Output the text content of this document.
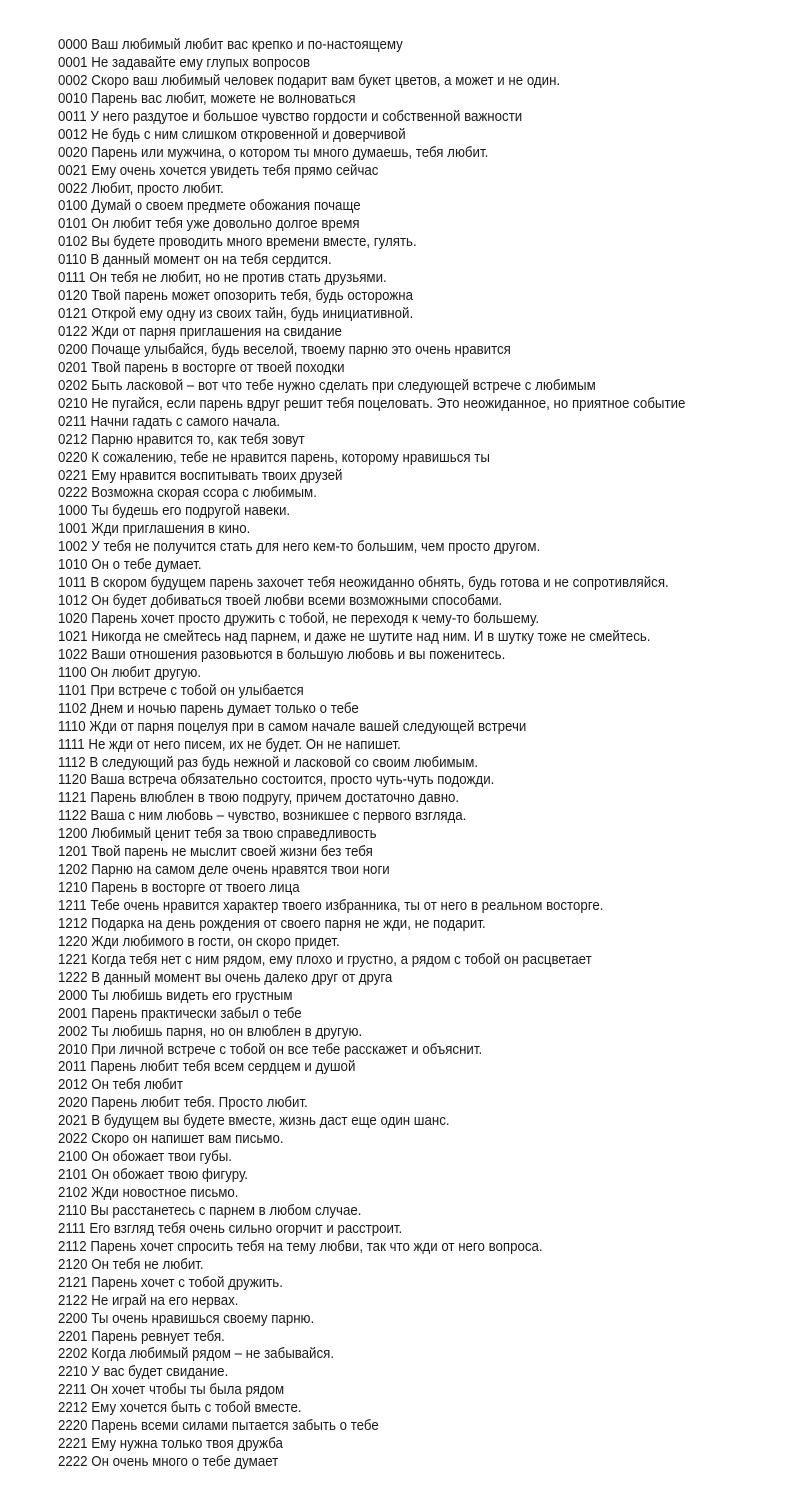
0000 Ваш любимый любит вас крепко и по-настоящему
0001 Не задавайте ему глупых вопросов
0002 Скоро ваш любимый человек подарит вам букет цветов, а может и не один.
0010 Парень вас любит, можете не волноваться
0011 У него раздутое и большое чувство гордости и собственной важности
0012 Не будь с ним слишком откровенной и доверчивой
0020 Парень или мужчина, о котором ты много думаешь, тебя любит.
0021 Ему очень хочется увидеть тебя прямо сейчас
0022 Любит, просто любит.
0100 Думай о своем предмете обожания почаще
0101 Он любит тебя уже довольно долгое время
0102 Вы будете проводить много времени вместе, гулять.
0110 В данный момент он на тебя сердится.
0111 Он тебя не любит, но не против стать друзьями.
0120 Твой парень может опозорить тебя, будь осторожна
0121 Открой ему одну из своих тайн, будь инициативной.
0122 Жди от парня приглашения на свидание
0200 Почаще улыбайся, будь веселой, твоему парню это очень нравится
0201 Твой парень в восторге от твоей походки
0202 Быть ласковой – вот что тебе нужно сделать при следующей встрече с любимым
0210 Не пугайся, если парень вдруг решит тебя поцеловать. Это неожиданное, но приятное событие
0211 Начни гадать с самого начала.
0212 Парню нравится то, как тебя зовут
0220 К сожалению, тебе не нравится парень, которому нравишься ты
0221 Ему нравится воспитывать твоих друзей
0222 Возможна скорая ссора с любимым.
1000 Ты будешь его подругой навеки.
1001 Жди приглашения в кино.
1002 У тебя не получится стать для него кем-то большим, чем просто другом.
1010 Он о тебе думает.
1011 В скором будущем парень захочет тебя неожиданно обнять, будь готова и не сопротивляйся.
1012 Он будет добиваться твоей любви всеми возможными способами.
1020 Парень хочет просто дружить с тобой, не переходя к чему-то большему.
1021 Никогда не смейтесь над парнем, и даже не шутите над ним. И в шутку тоже не смейтесь.
1022 Ваши отношения разовьются в большую любовь и вы поженитесь.
1100 Он любит другую.
1101 При встрече с тобой он улыбается
1102 Днем и ночью парень думает только о тебе
1110 Жди от парня поцелуя при в самом начале вашей следующей встречи
1111 Не жди от него писем, их не будет. Он не напишет.
1112 В следующий раз будь нежной и ласковой со своим любимым.
1120 Ваша встреча обязательно состоится, просто чуть-чуть подожди.
1121 Парень влюблен в твою подругу, причем достаточно давно.
1122 Ваша с ним любовь – чувство, возникшее с первого взгляда.
1200 Любимый ценит тебя за твою справедливость
1201 Твой парень не мыслит своей жизни без тебя
1202 Парню на самом деле очень нравятся твои ноги
1210 Парень в восторге от твоего лица
1211 Тебе очень нравится характер твоего избранника, ты от него в реальном восторге.
1212 Подарка на день рождения от своего парня не жди, не подарит.
1220 Жди любимого в гости, он скоро придет.
1221 Когда тебя нет с ним рядом, ему плохо и грустно, а рядом с тобой он расцветает
1222 В данный момент вы очень далеко друг от друга
2000 Ты любишь видеть его грустным
2001 Парень практически забыл о тебе
2002 Ты любишь парня, но он влюблен в другую.
2010 При личной встрече с тобой он все тебе расскажет и объяснит.
2011 Парень любит тебя всем сердцем и душой
2012 Он тебя любит
2020 Парень любит тебя. Просто любит.
2021 В будущем вы будете вместе, жизнь даст еще один шанс.
2022 Скоро он напишет вам письмо.
2100 Он обожает твои губы.
2101 Он обожает твою фигуру.
2102 Жди новостное письмо.
2110 Вы расстанетесь с парнем в любом случае.
2111 Его взгляд тебя очень сильно огорчит и расстроит.
2112 Парень хочет спросить тебя на тему любви, так что жди от него вопроса.
2120 Он тебя не любит.
2121 Парень хочет с тобой дружить.
2122 Не играй на его нервах.
2200 Ты очень нравишься своему парню.
2201 Парень ревнует тебя.
2202 Когда любимый рядом – не забывайся.
2210 У вас будет свидание.
2211 Он хочет чтобы ты была рядом
2212 Ему хочется быть с тобой вместе.
2220 Парень всеми силами пытается забыть о тебе
2221 Ему нужна только твоя дружба
2222 Он очень много о тебе думает
